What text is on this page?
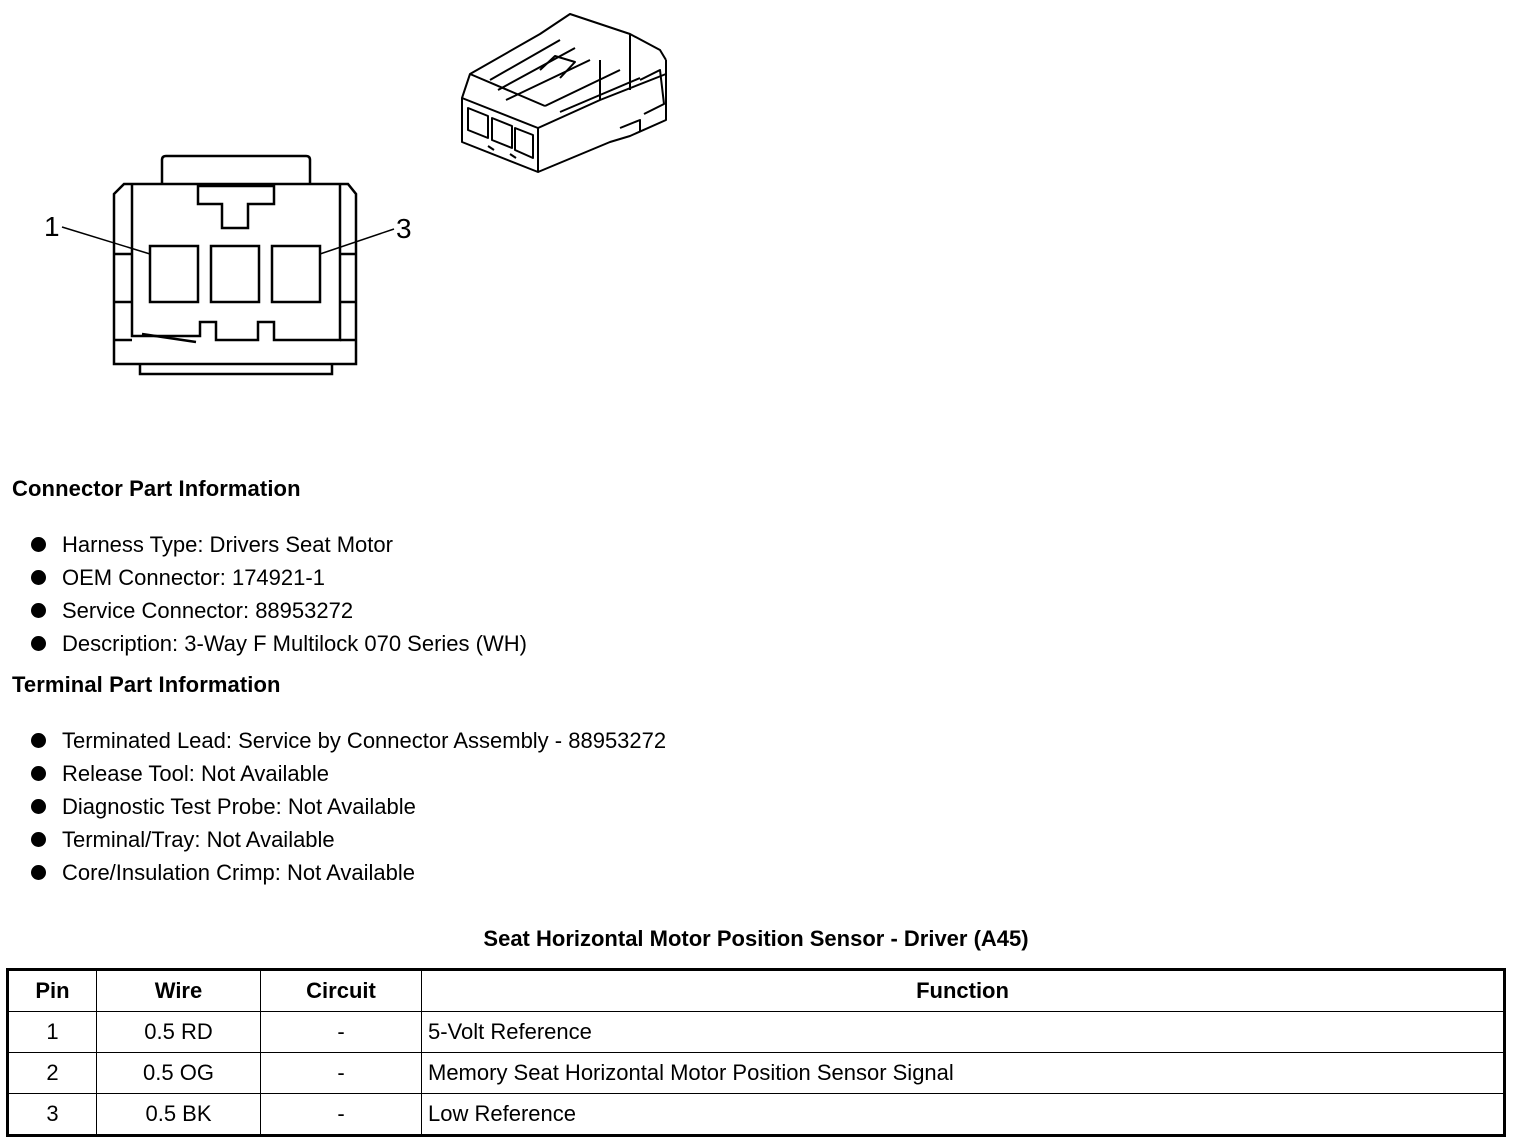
1	3
Connector Part Information
Harness Type: Drivers Seat Motor
OEM Connector: 174921-1
Service Connector: 88953272
Description: 3-Way F Multilock 070 Series (WH)
Terminal Part Information
Terminated Lead: Service by Connector Assembly - 88953272
Release Tool: Not Available
Diagnostic Test Probe: Not Available
Terminal/Tray: Not Available
Core/Insulation Crimp: Not Available
Seat Horizontal Motor Position Sensor - Driver (A45)
Pin	Wire	Circuit	Function
1	0.5 RD	-	5-Volt Reference
2	0.5 OG	-	Memory Seat Horizontal Motor Position Sensor Signal
3	0.5 BK	-	Low Reference
